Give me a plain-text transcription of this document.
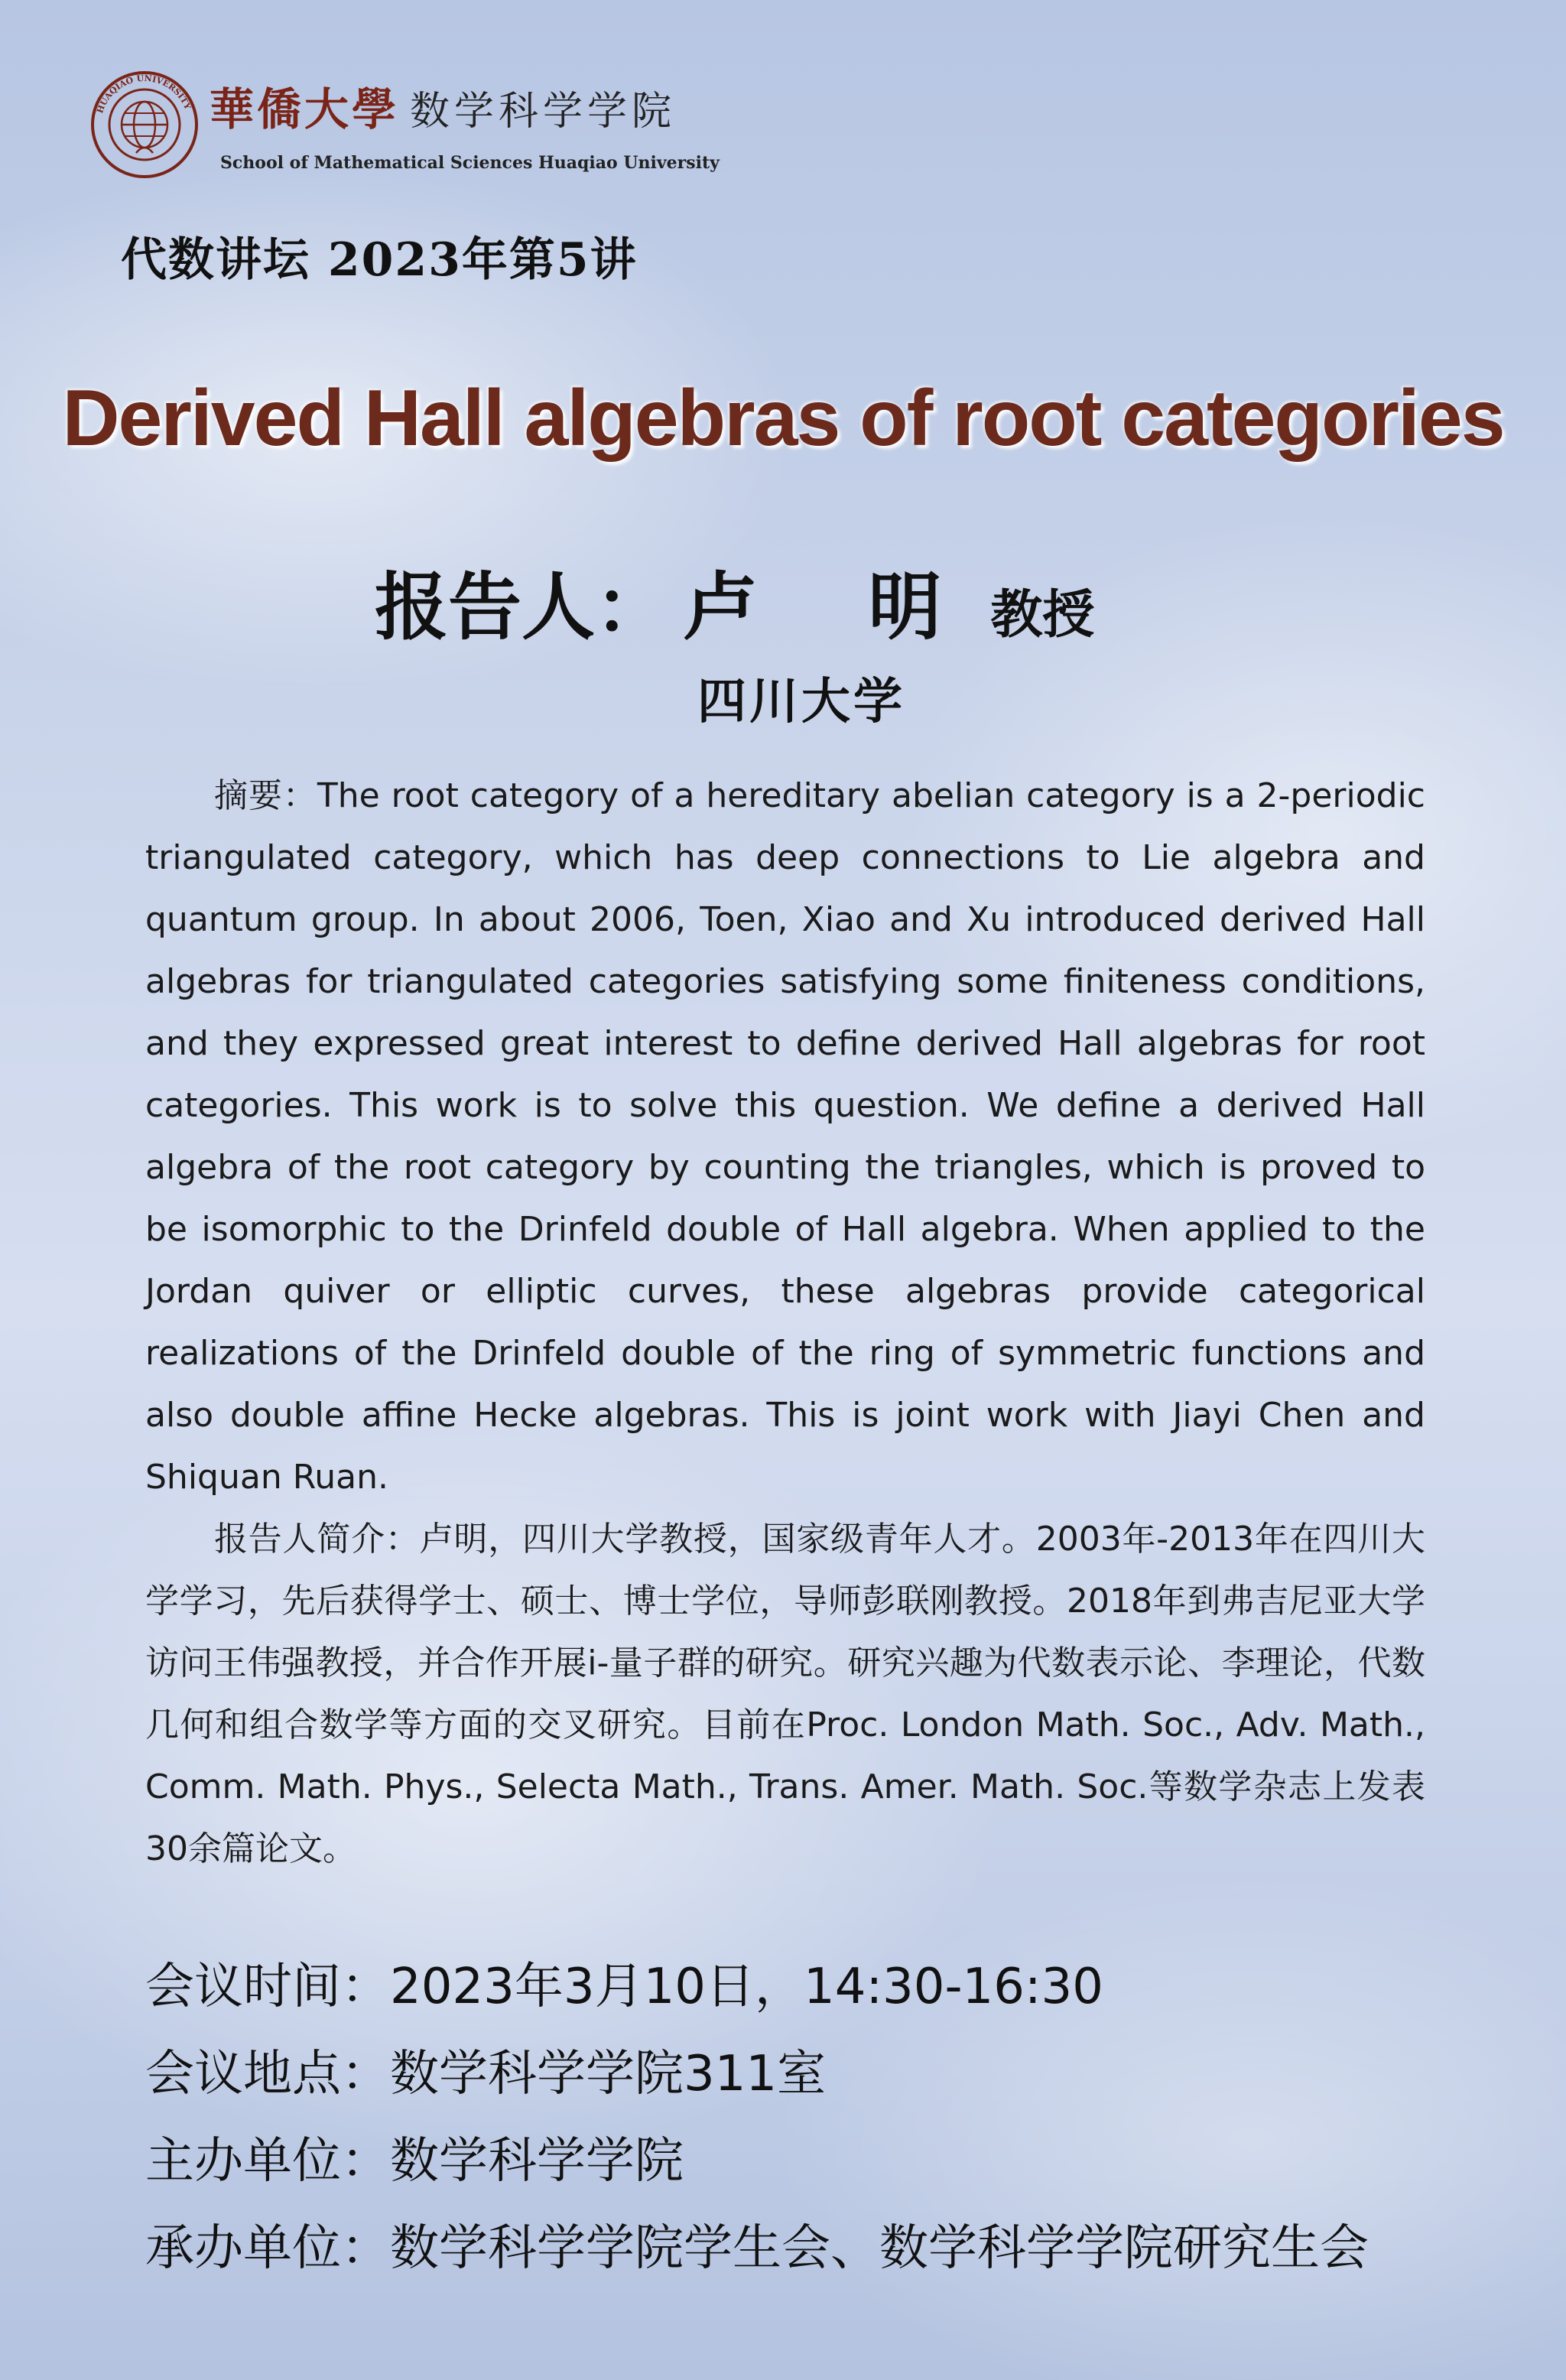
HUAQIAO UNIVERSITY 華僑大學 数学科学学院
School of Mathematical Sciences Huaqiao University
代数讲坛 2023年第5讲
Derived Hall algebras of root categories
报告人： 卢 明 教授
四川大学

摘要：The root category of a hereditary abelian category is a 2-periodic triangulated category, which has deep connections to Lie algebra and quantum group. In about 2006, Toen, Xiao and Xu introduced derived Hall algebras for triangulated categories satisfying some finiteness conditions, and they expressed great interest to define derived Hall algebras for root categories. This work is to solve this question. We define a derived Hall algebra of the root category by counting the triangles, which is proved to be isomorphic to the Drinfeld double of Hall algebra. When applied to the Jordan quiver or elliptic curves, these algebras provide categorical realizations of the Drinfeld double of the ring of symmetric functions and also double affine Hecke algebras. This is joint work with Jiayi Chen and Shiquan Ruan.

报告人简介：卢明，四川大学教授，国家级青年人才。2003年-2013年在四川大学学习，先后获得学士、硕士、博士学位，导师彭联刚教授。2018年到弗吉尼亚大学访问王伟强教授，并合作开展i-量子群的研究。研究兴趣为代数表示论、李理论，代数几何和组合数学等方面的交叉研究。目前在Proc. London Math. Soc., Adv. Math., Comm. Math. Phys., Selecta Math., Trans. Amer. Math. Soc.等数学杂志上发表30余篇论文。

会议时间：2023年3月10日，14:30-16:30
会议地点：数学科学学院311室
主办单位：数学科学学院
承办单位：数学科学学院学生会、数学科学学院研究生会
